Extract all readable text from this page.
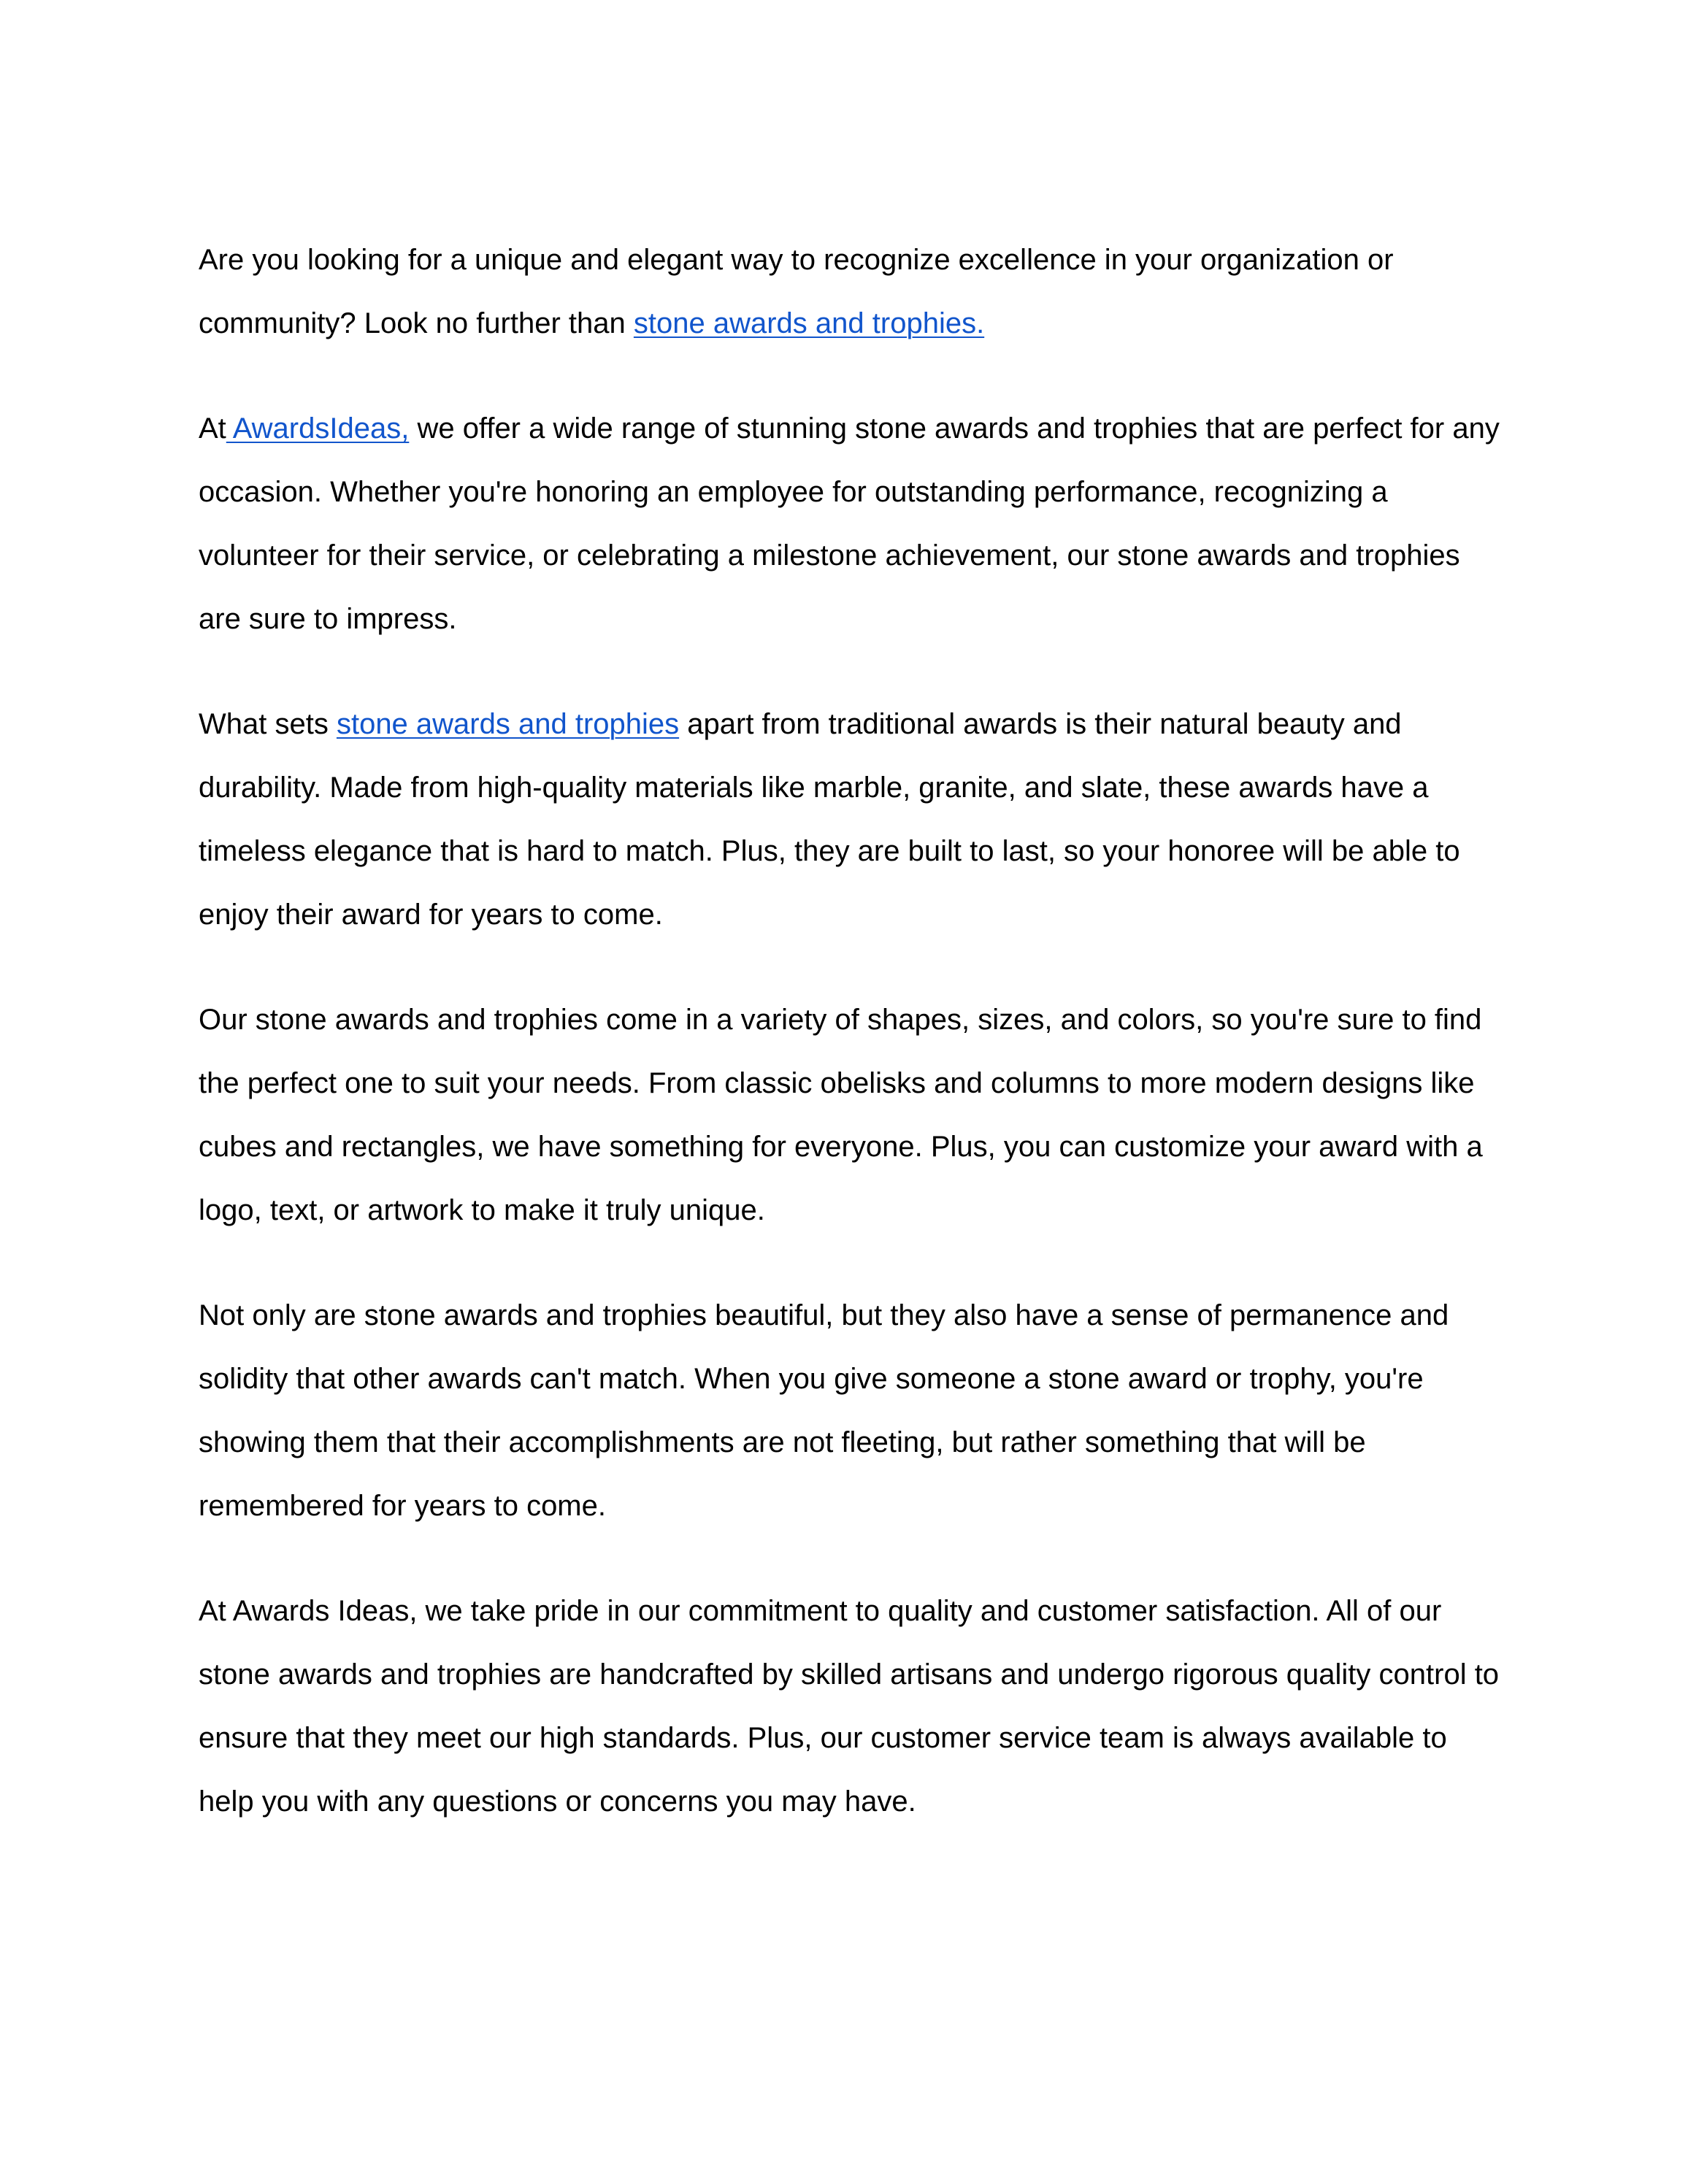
Are you looking for a unique and elegant way to recognize excellence in your organization or community? Look no further than stone awards and trophies.

At AwardsIdeas, we offer a wide range of stunning stone awards and trophies that are perfect for any occasion. Whether you're honoring an employee for outstanding performance, recognizing a volunteer for their service, or celebrating a milestone achievement, our stone awards and trophies are sure to impress.

What sets stone awards and trophies apart from traditional awards is their natural beauty and durability. Made from high-quality materials like marble, granite, and slate, these awards have a timeless elegance that is hard to match. Plus, they are built to last, so your honoree will be able to enjoy their award for years to come.

Our stone awards and trophies come in a variety of shapes, sizes, and colors, so you're sure to find the perfect one to suit your needs. From classic obelisks and columns to more modern designs like cubes and rectangles, we have something for everyone. Plus, you can customize your award with a logo, text, or artwork to make it truly unique.

Not only are stone awards and trophies beautiful, but they also have a sense of permanence and solidity that other awards can't match. When you give someone a stone award or trophy, you're showing them that their accomplishments are not fleeting, but rather something that will be remembered for years to come.

At Awards Ideas, we take pride in our commitment to quality and customer satisfaction. All of our stone awards and trophies are handcrafted by skilled artisans and undergo rigorous quality control to ensure that they meet our high standards. Plus, our customer service team is always available to help you with any questions or concerns you may have.
